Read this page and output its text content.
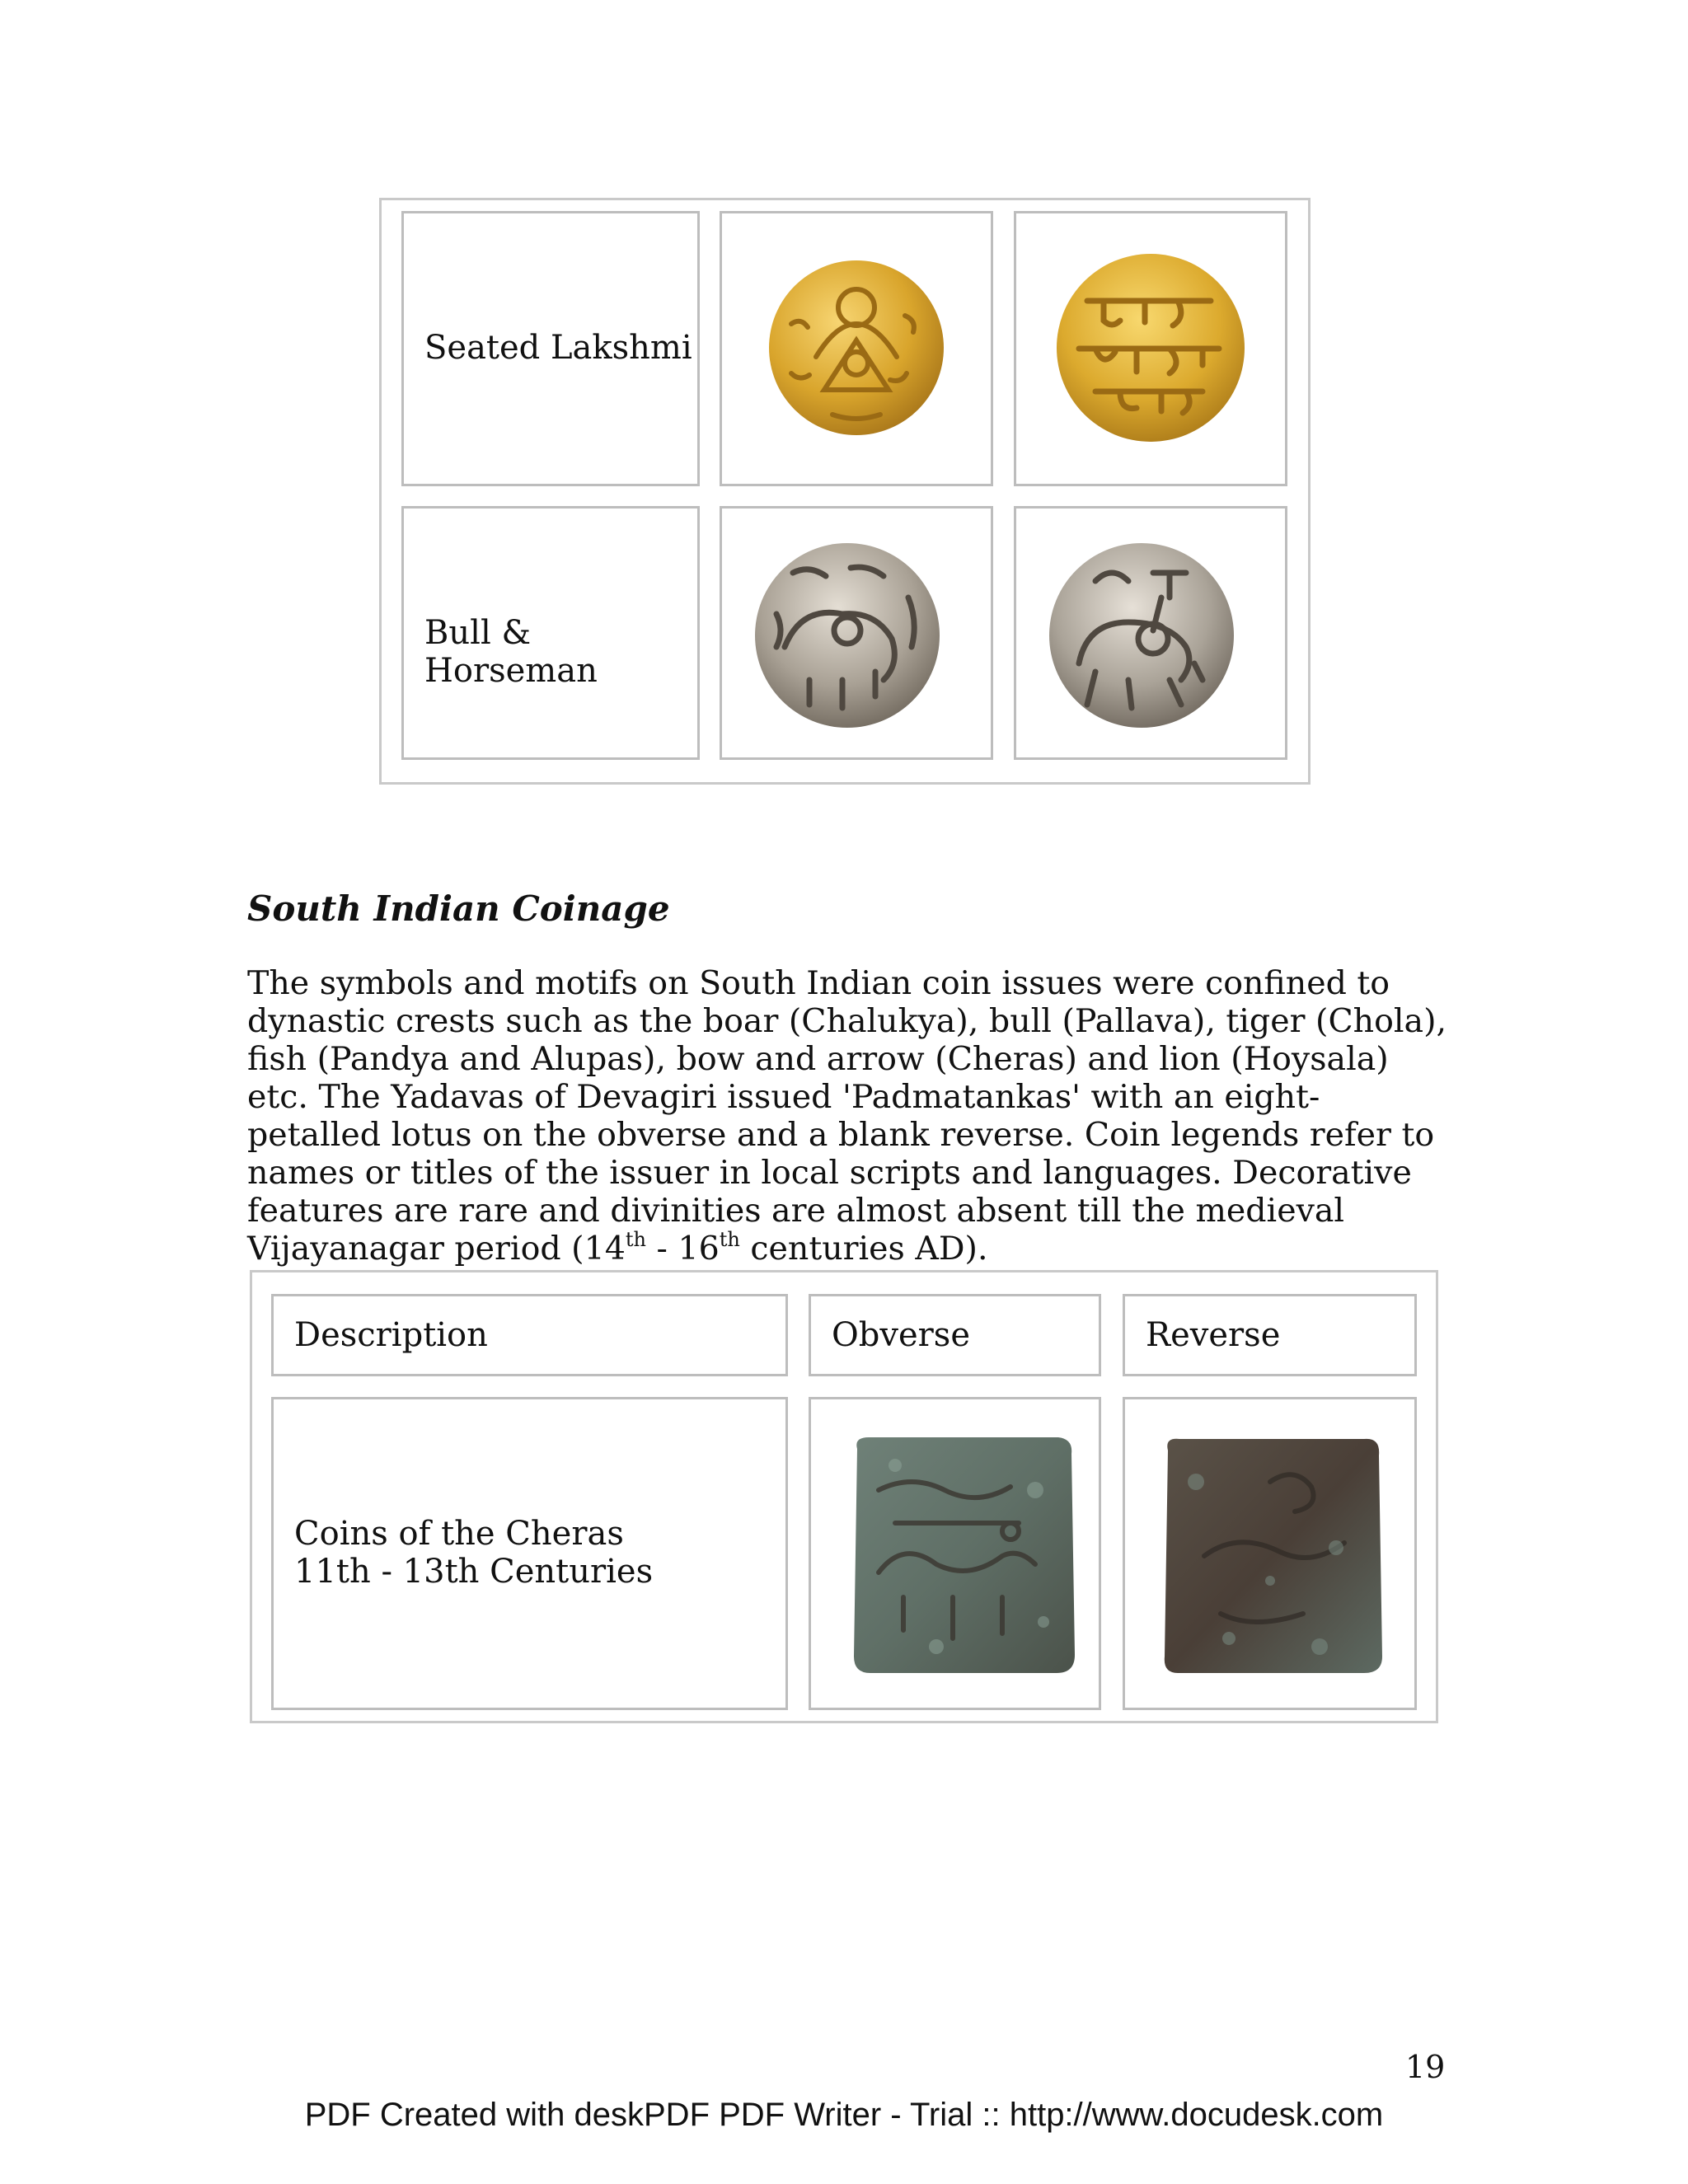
Seated Lakshmi
Bull & Horseman
South Indian Coinage

The symbols and motifs on South Indian coin issues were confined to dynastic crests such as the boar (Chalukya), bull (Pallava), tiger (Chola), fish (Pandya and Alupas), bow and arrow (Cheras) and lion (Hoysala) etc. The Yadavas of Devagiri issued 'Padmatankas' with an eight-petalled lotus on the obverse and a blank reverse. Coin legends refer to names or titles of the issuer in local scripts and languages. Decorative features are rare and divinities are almost absent till the medieval Vijayanagar period (14th - 16th centuries AD).

Description	Obverse	Reverse
Coins of the Cheras
11th - 13th Centuries
19
PDF Created with deskPDF PDF Writer - Trial :: http://www.docudesk.com
